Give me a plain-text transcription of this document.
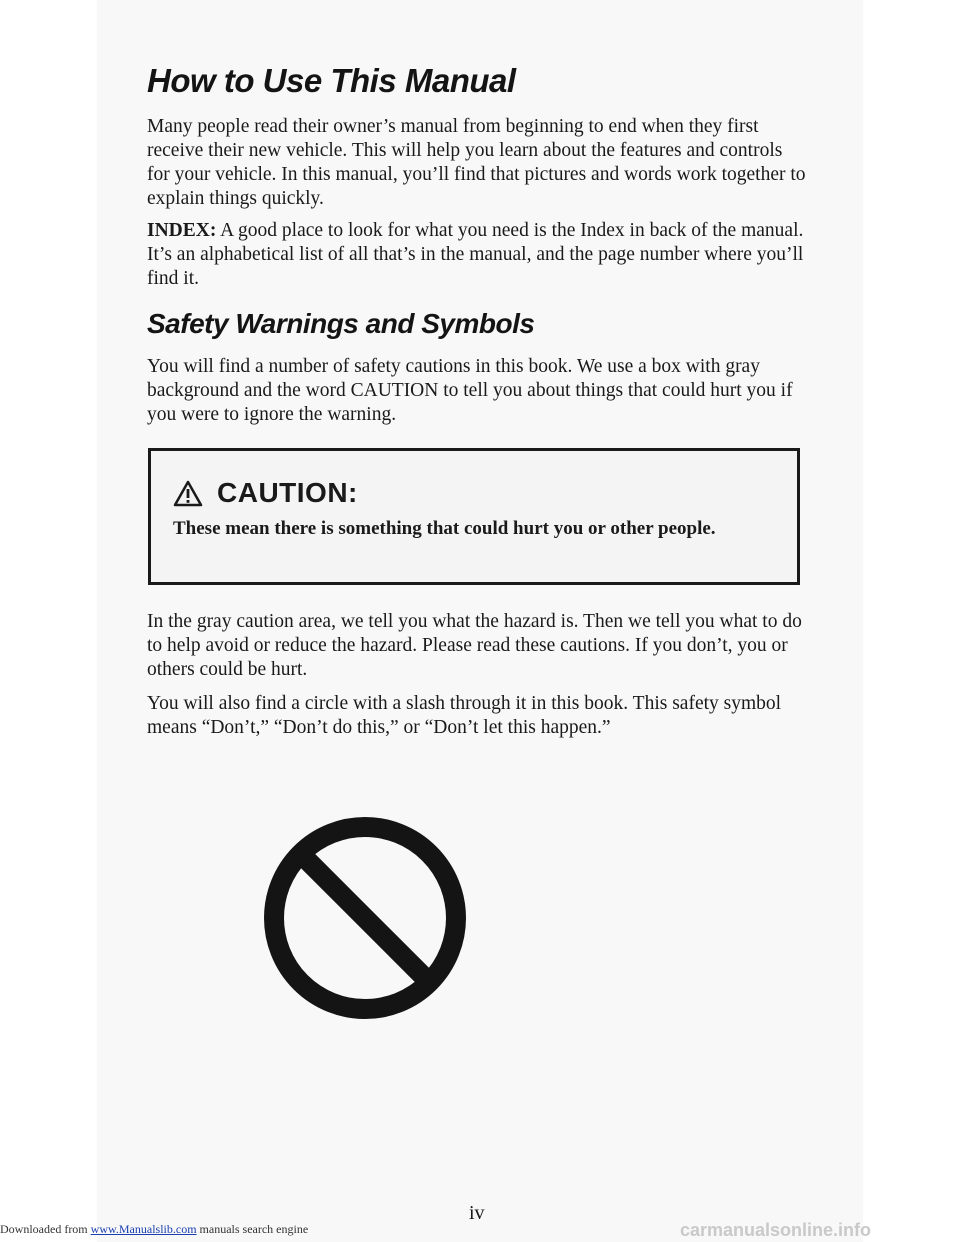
How to Use This Manual

Many people read their owner’s manual from beginning to end when they first receive their new vehicle. This will help you learn about the features and controls for your vehicle. In this manual, you’ll find that pictures and words work together to explain things quickly.

INDEX: A good place to look for what you need is the Index in back of the manual. It’s an alphabetical list of all that’s in the manual, and the page number where you’ll find it.

Safety Warnings and Symbols

You will find a number of safety cautions in this book. We use a box with gray background and the word CAUTION to tell you about things that could hurt you if you were to ignore the warning.

In the gray caution area, we tell you what the hazard is. Then we tell you what to do to help avoid or reduce the hazard. Please read these cautions. If you don’t, you or others could be hurt.

You will also find a circle with a slash through it in this book. This safety symbol means “Don’t,” “Don’t do this,” or “Don’t let this happen.”

CAUTION:
These mean there is something that could hurt you or other people.
iv
Downloaded from www.Manualslib.com manuals search engine	carmanualsonline.info
